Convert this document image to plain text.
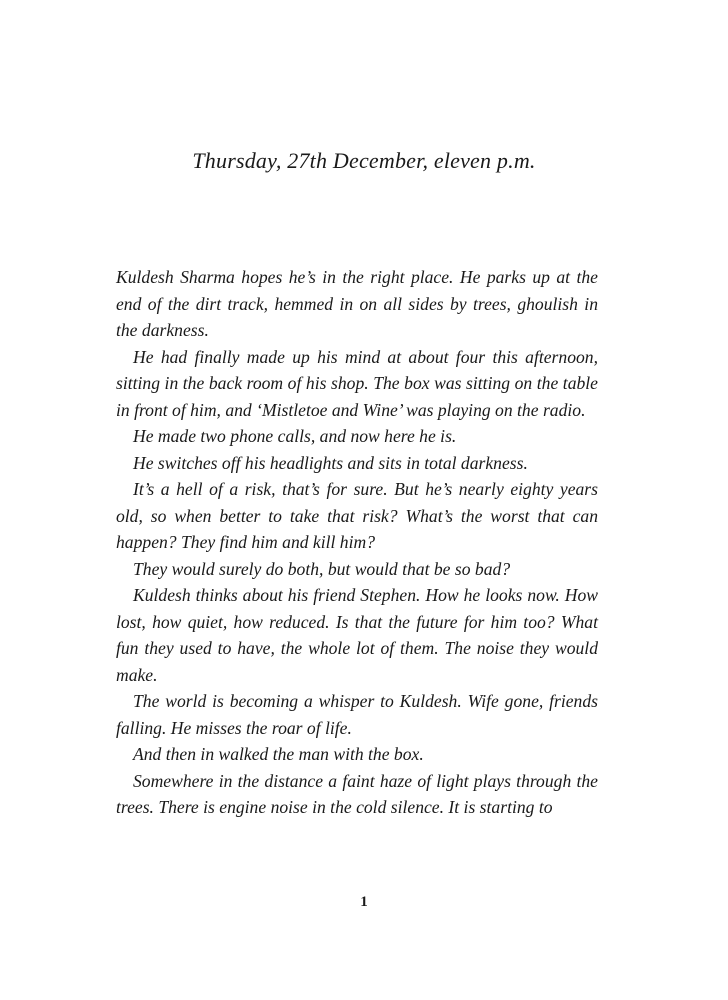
Thursday, 27th December, eleven p.m.

Kuldesh Sharma hopes he’s in the right place. He parks up at the end of the dirt track, hemmed in on all sides by trees, ghoulish in the darkness.

He had finally made up his mind at about four this afternoon, sitting in the back room of his shop. The box was sitting on the table in front of him, and ‘Mistletoe and Wine’ was playing on the radio.

He made two phone calls, and now here he is.

He switches off his headlights and sits in total darkness.

It’s a hell of a risk, that’s for sure. But he’s nearly eighty years old, so when better to take that risk? What’s the worst that can happen? They find him and kill him?

They would surely do both, but would that be so bad?

Kuldesh thinks about his friend Stephen. How he looks now. How lost, how quiet, how reduced. Is that the future for him too? What fun they used to have, the whole lot of them. The noise they would make.

The world is becoming a whisper to Kuldesh. Wife gone, friends falling. He misses the roar of life.

And then in walked the man with the box.

Somewhere in the distance a faint haze of light plays through the trees. There is engine noise in the cold silence. It is starting to

1
